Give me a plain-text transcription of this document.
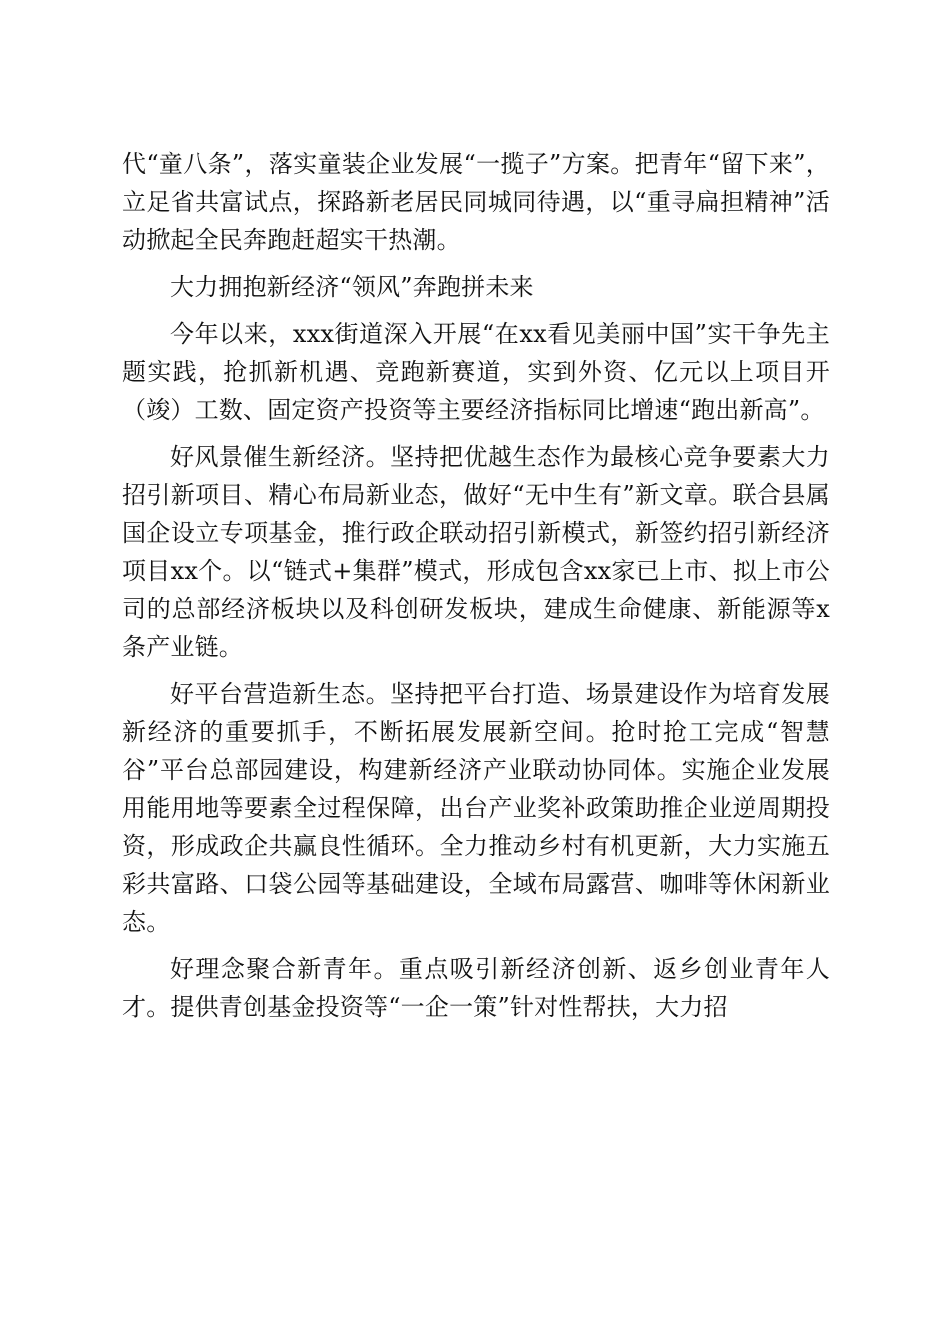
代“童八条”，落实童装企业发展“一揽子”方案。把青年“留下来”，立足省共富试点，探路新老居民同城同待遇，以“重寻扁担精神”活动掀起全民奔跑赶超实干热潮。

大力拥抱新经济“领风”奔跑拼未来

今年以来，xxx街道深入开展“在xx看见美丽中国”实干争先主题实践，抢抓新机遇、竞跑新赛道，实到外资、亿元以上项目开（竣）工数、固定资产投资等主要经济指标同比增速“跑出新高”。

好风景催生新经济。坚持把优越生态作为最核心竞争要素大力招引新项目、精心布局新业态，做好“无中生有”新文章。联合县属国企设立专项基金，推行政企联动招引新模式，新签约招引新经济项目xx个。以“链式+集群”模式，形成包含xx家已上市、拟上市公司的总部经济板块以及科创研发板块，建成生命健康、新能源等x条产业链。

好平台营造新生态。坚持把平台打造、场景建设作为培育发展新经济的重要抓手，不断拓展发展新空间。抢时抢工完成“智慧谷”平台总部园建设，构建新经济产业联动协同体。实施企业发展用能用地等要素全过程保障，出台产业奖补政策助推企业逆周期投资，形成政企共赢良性循环。全力推动乡村有机更新，大力实施五彩共富路、口袋公园等基础建设，全域布局露营、咖啡等休闲新业态。

好理念聚合新青年。重点吸引新经济创新、返乡创业青年人才。提供青创基金投资等“一企一策”针对性帮扶，大力招
